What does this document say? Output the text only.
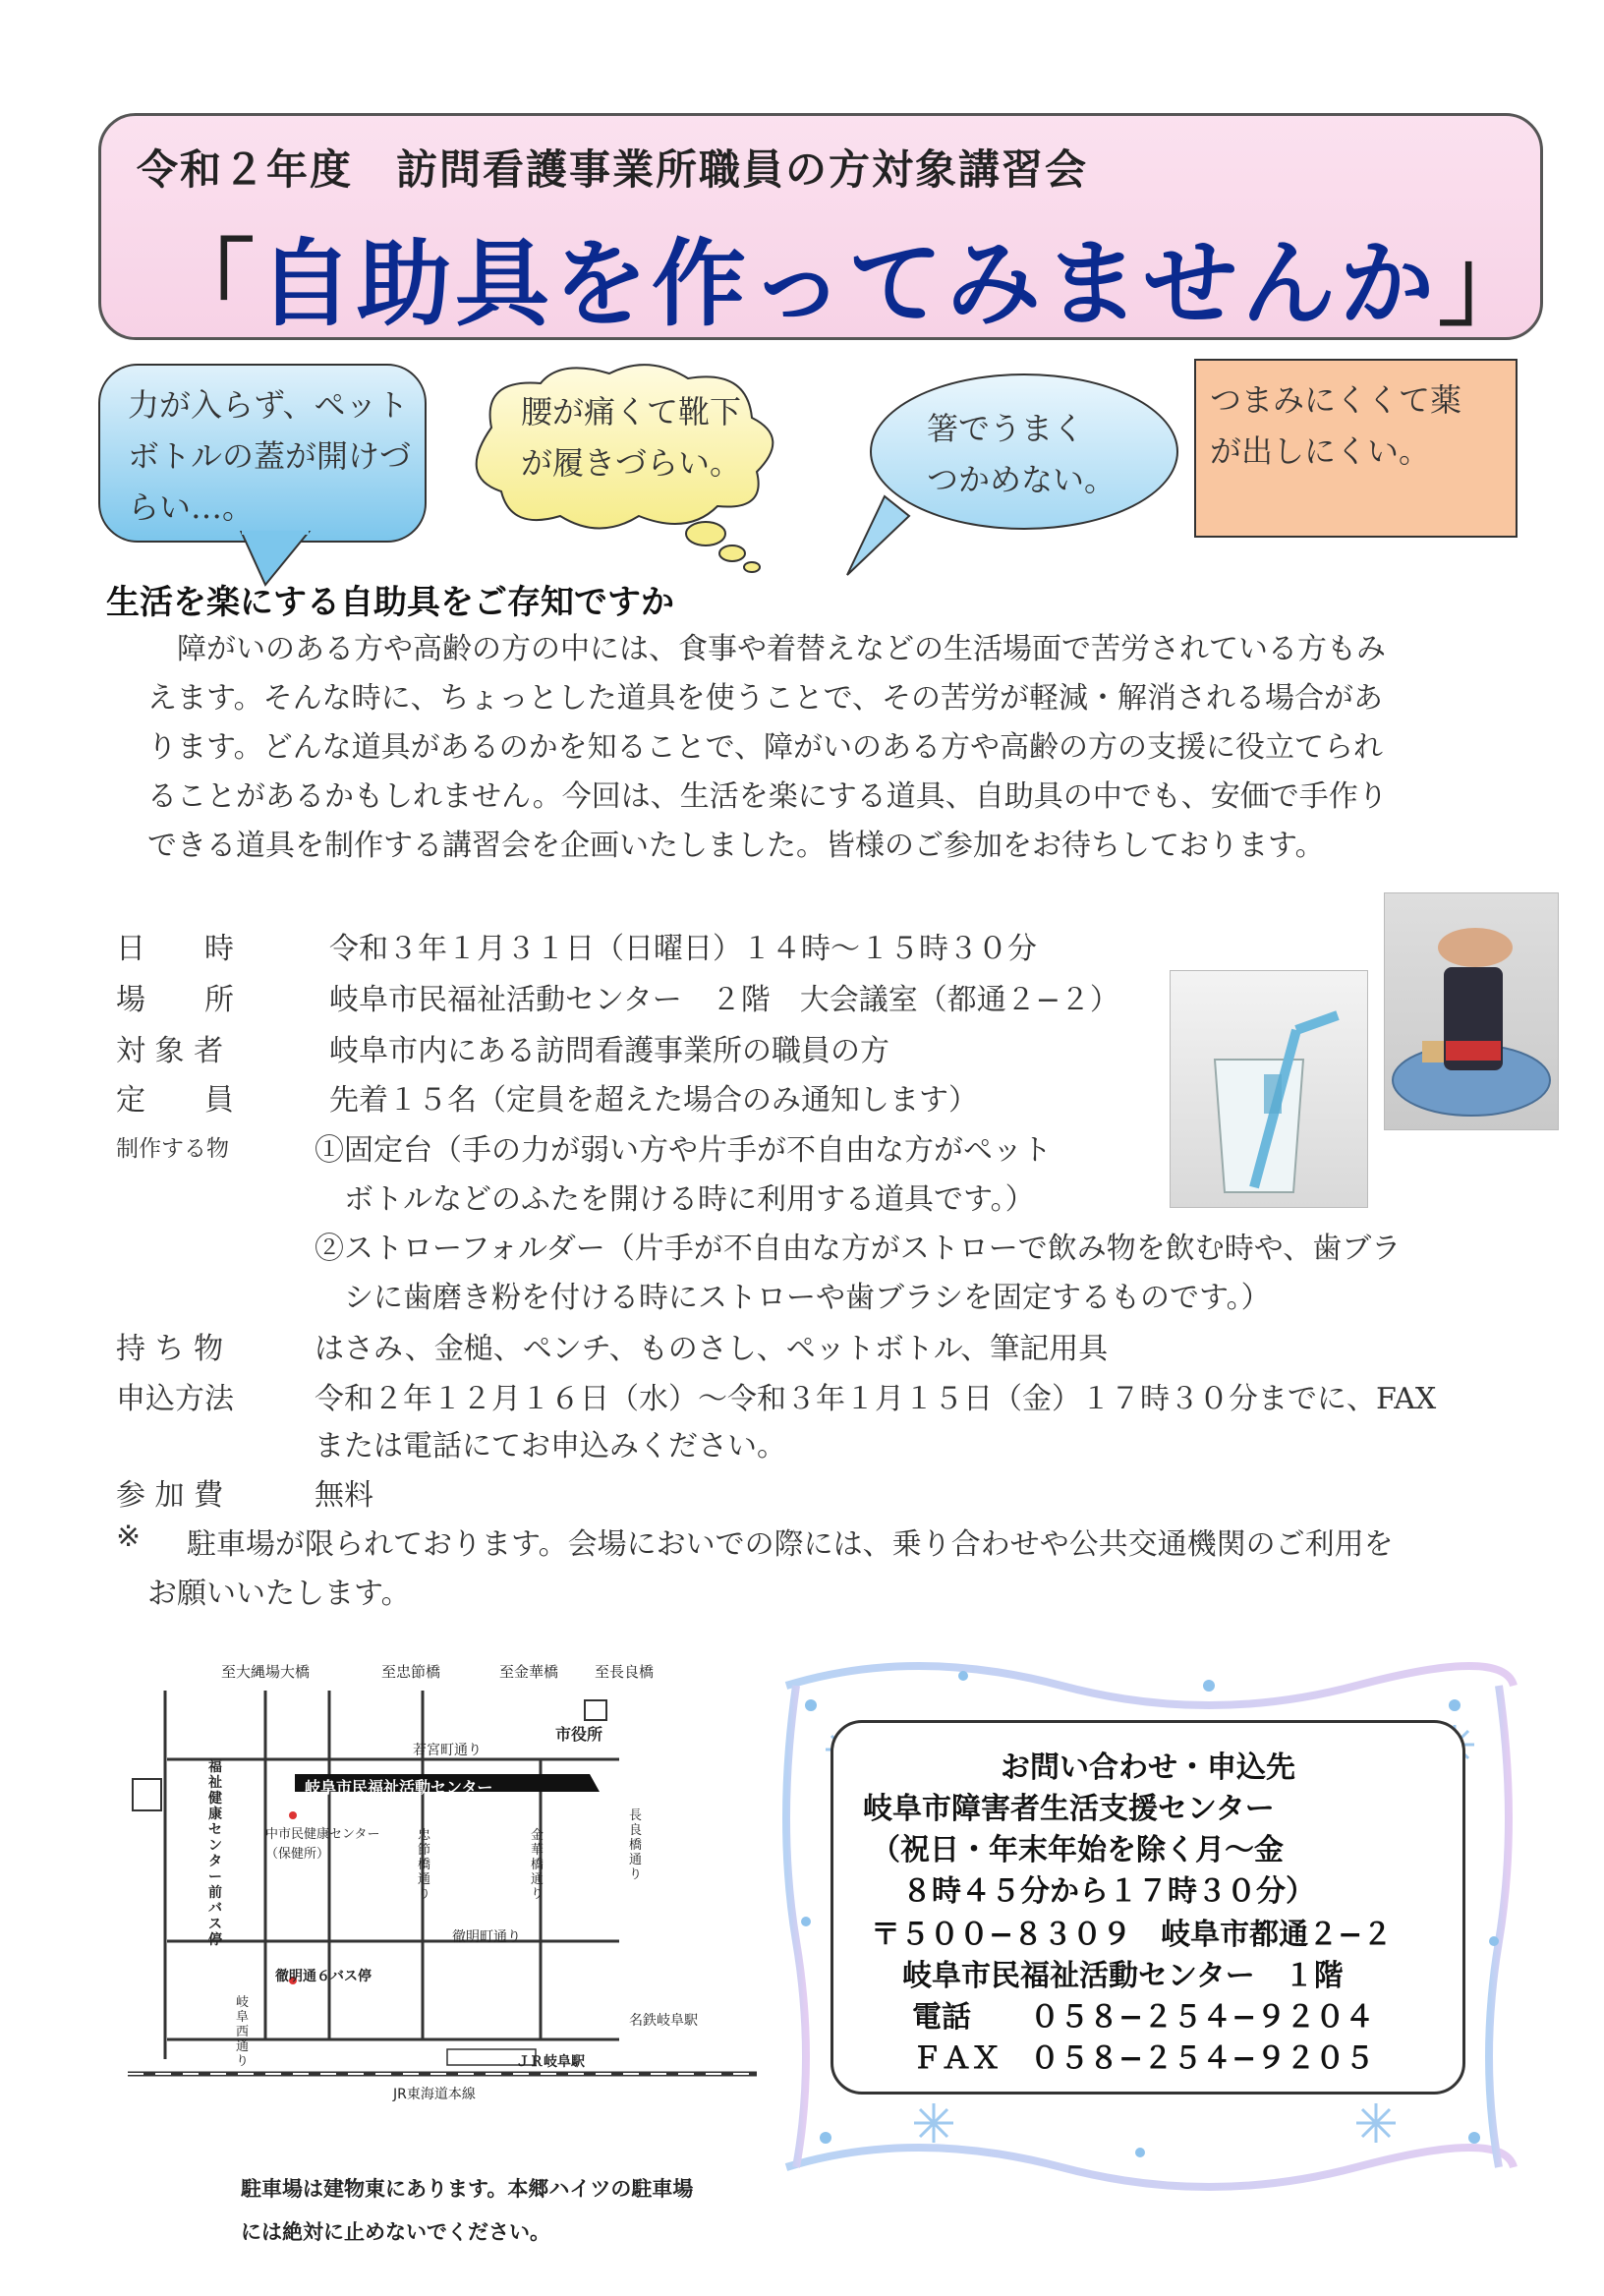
令和２年度　訪問看護事業所職員の方対象講習会
「自助具を作ってみませんか」
力が入らず、ペット
ボトルの蓋が開けづ
らい…。
腰が痛くて靴下
が履きづらい。
箸でうまく
つかめない。
つまみにくくて薬
が出しにくい。
生活を楽にする自助具をご存知ですか

　障がいのある方や高齢の方の中には、食事や着替えなどの生活場面で苦労されている方もみ

えます。そんな時に、ちょっとした道具を使うことで、その苦労が軽減・解消される場合があ

ります。どんな道具があるのかを知ることで、障がいのある方や高齢の方の支援に役立てられ

ることがあるかもしれません。今回は、生活を楽にする道具、自助具の中でも、安価で手作り

できる道具を制作する講習会を企画いたしました。皆様のご参加をお待ちしております。

日　　時	令和３年１月３１日（日曜日）１４時～１５時３０分
場　　所	岐阜市民福祉活動センター　２階　大会議室（都通２−２）
対 象 者	岐阜市内にある訪問看護事業所の職員の方
定　　員	先着１５名（定員を超えた場合のみ通知します）
制作する物	①固定台（手の力が弱い方や片手が不自由な方がペット
ボトルなどのふたを開ける時に利用する道具です。）
②ストローフォルダー（片手が不自由な方がストローで飲み物を飲む時や、歯ブラ
シに歯磨き粉を付ける時にストローや歯ブラシを固定するものです。）
持 ち 物	はさみ、金槌、ペンチ、ものさし、ペットボトル、筆記用具
申込方法	令和２年１２月１６日（水）～令和３年１月１５日（金）１７時３０分までに、FAX
または電話にてお申込みください。
参 加 費	無料
※ 駐車場が限られております。会場においでの際には、乗り合わせや公共交通機関のご利用を
お願いいたします。
至大縄場大橋	至忠節橋	至金華橋 至長良橋
市役所
若宮町通り
岐阜市民福祉活動センター
福祉健康センター前バス停
中市民健康センター
（保健所）
忠節橋通り
金華橋通り
長良橋通り
徹明町通り
徹明通６バス停
岐阜西通り
名鉄岐阜駅
ＪＲ岐阜駅
JR東海道本線
駐車場は建物東にあります。本郷ハイツの駐車場
には絶対に止めないでください。
お問い合わせ・申込先
岐阜市障害者生活支援センター
（祝日・年末年始を除く月～金
８時４５分から１７時３０分）
〒５００−８３０９　岐阜市都通２−２
岐阜市民福祉活動センター　１階
電話　　０５８−２５４−９２０４
ＦＡＸ　０５８−２５４−９２０５
